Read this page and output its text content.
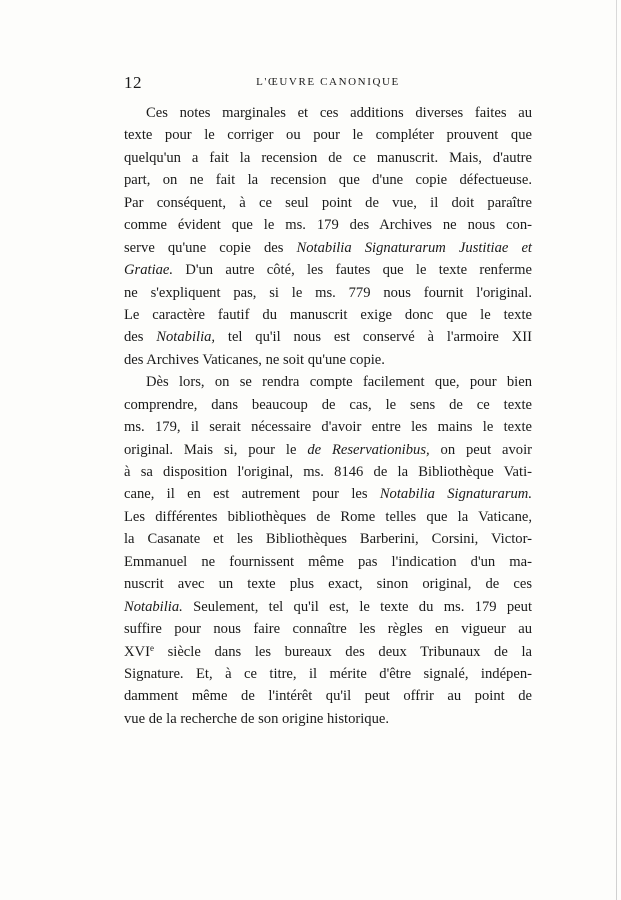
12	L'ŒUVRE CANONIQUE
Ces notes marginales et ces additions diverses faites au
texte pour le corriger ou pour le compléter prouvent que
quelqu'un a fait la recension de ce manuscrit. Mais, d'autre
part, on ne fait la recension que d'une copie défectueuse.
Par conséquent, à ce seul point de vue, il doit paraître
comme évident que le ms. 179 des Archives ne nous con-
serve qu'une copie des Notabilia Signaturarum Justitiae et
Gratiae. D'un autre côté, les fautes que le texte renferme
ne s'expliquent pas, si le ms. 779 nous fournit l'original.
Le caractère fautif du manuscrit exige donc que le texte
des Notabilia, tel qu'il nous est conservé à l'armoire XII
des Archives Vaticanes, ne soit qu'une copie.
Dès lors, on se rendra compte facilement que, pour bien
comprendre, dans beaucoup de cas, le sens de ce texte
ms. 179, il serait nécessaire d'avoir entre les mains le texte
original. Mais si, pour le de Reservationibus, on peut avoir
à sa disposition l'original, ms. 8146 de la Bibliothèque Vati-
cane, il en est autrement pour les Notabilia Signaturarum.
Les différentes bibliothèques de Rome telles que la Vaticane,
la Casanate et les Bibliothèques Barberini, Corsini, Victor-
Emmanuel ne fournissent même pas l'indication d'un ma-
nuscrit avec un texte plus exact, sinon original, de ces
Notabilia. Seulement, tel qu'il est, le texte du ms. 179 peut
suffire pour nous faire connaître les règles en vigueur au
XVIe siècle dans les bureaux des deux Tribunaux de la
Signature. Et, à ce titre, il mérite d'être signalé, indépen-
damment même de l'intérêt qu'il peut offrir au point de
vue de la recherche de son origine historique.
